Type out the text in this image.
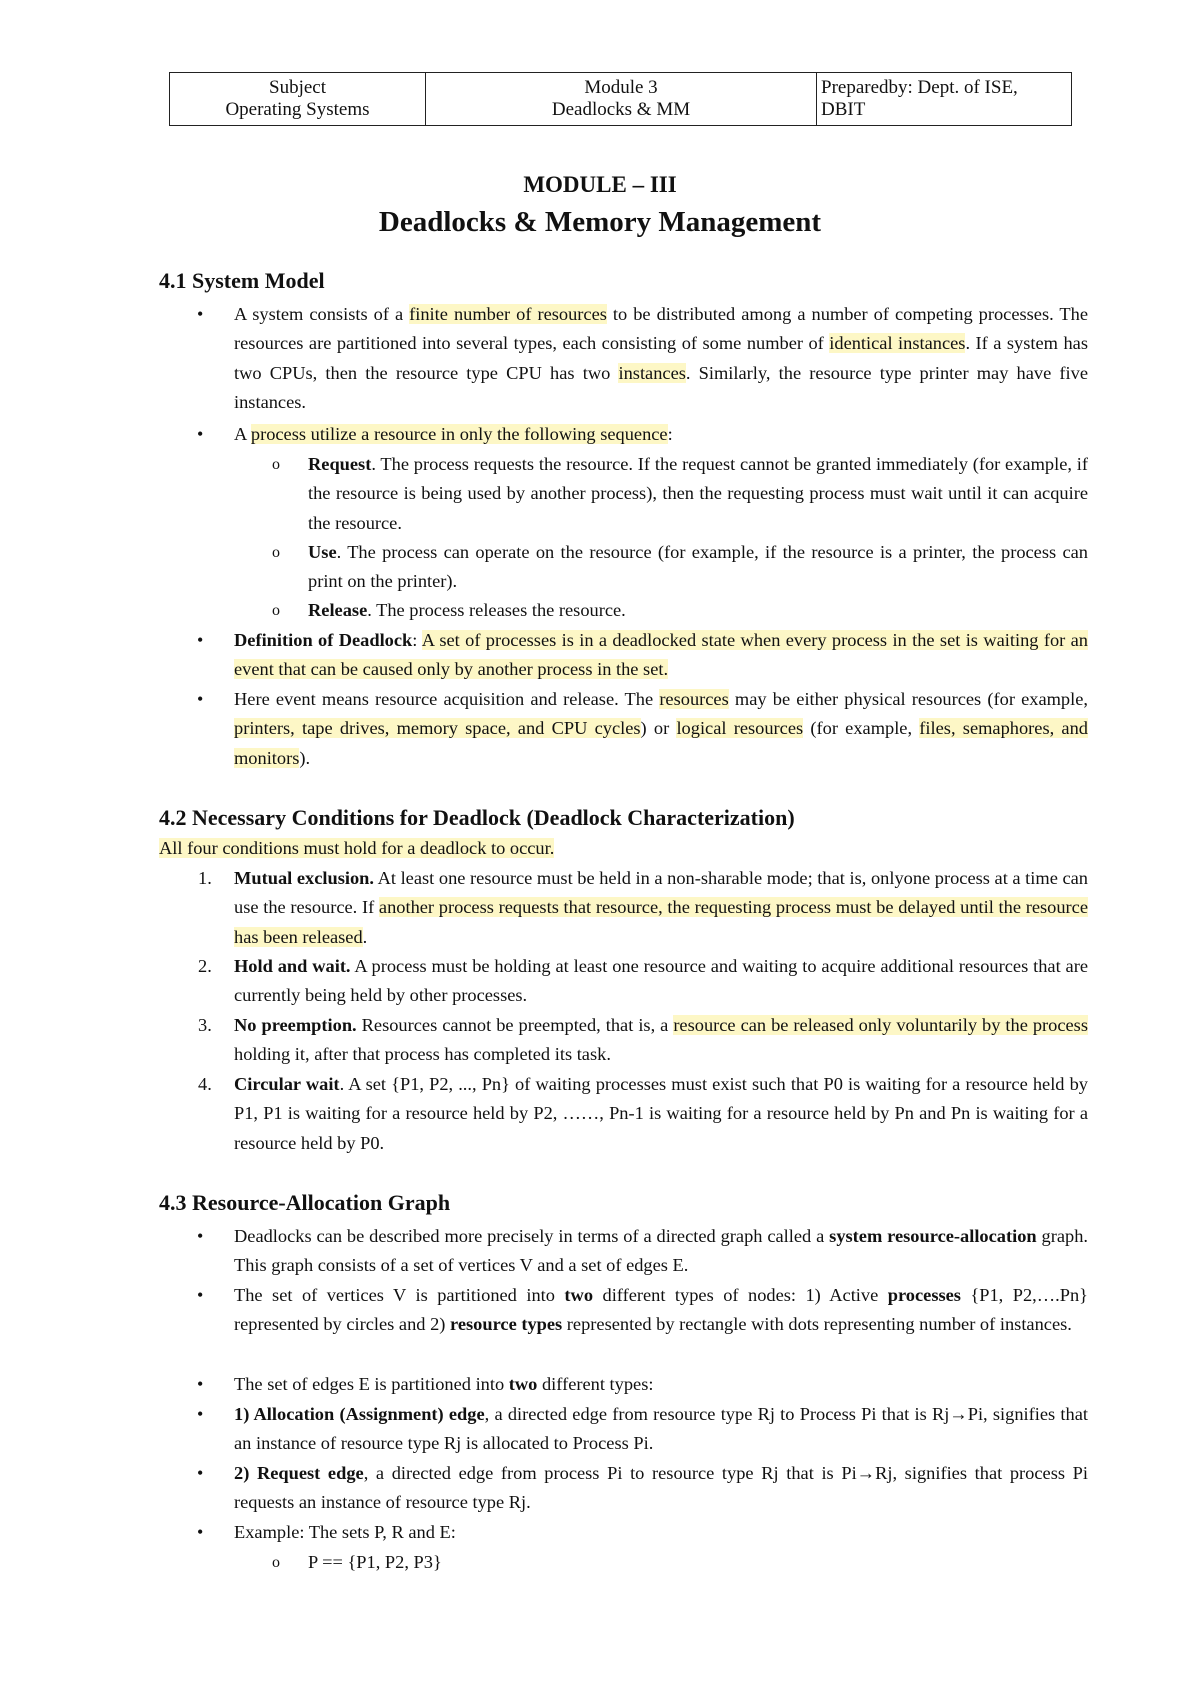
Subject
Operating Systems

Module 3
Deadlocks & MM

Preparedby: Dept. of ISE,
DBIT
MODULE – III
Deadlocks & Memory Management
4.1 System Model
•
A system consists of a finite number of resources to be distributed among a number of competing processes. The resources are partitioned into several types, each consisting of some number of identical instances. If a system has two CPUs, then the resource type CPU has two instances. Similarly, the resource type printer may have five instances.
•
A process utilize a resource in only the following sequence:
o Request. The process requests the resource. If the request cannot be granted immediately (for example, if the resource is being used by another process), then the requesting process must wait until it can acquire the resource.
o Use. The process can operate on the resource (for example, if the resource is a printer, the process can print on the printer).
o Release. The process releases the resource.
•
Definition of Deadlock: A set of processes is in a deadlocked state when every process in the set is waiting for an event that can be caused only by another process in the set.
•
Here event means resource acquisition and release. The resources may be either physical resources (for example, printers, tape drives, memory space, and CPU cycles) or logical resources (for example, files, semaphores, and monitors).
4.2 Necessary Conditions for Deadlock (Deadlock Characterization)
All four conditions must hold for a deadlock to occur.
1. Mutual exclusion. At least one resource must be held in a non-sharable mode; that is, onlyone process at a time can use the resource. If another process requests that resource, the requesting process must be delayed until the resource has been released.
2. Hold and wait. A process must be holding at least one resource and waiting to acquire additional resources that are currently being held by other processes.
3. No preemption. Resources cannot be preempted, that is, a resource can be released only voluntarily by the process holding it, after that process has completed its task.
4. Circular wait. A set {P1, P2, ..., Pn} of waiting processes must exist such that P0 is waiting for a resource held by P1, P1 is waiting for a resource held by P2, ……, Pn-1 is waiting for a resource held by Pn and Pn is waiting for a resource held by P0.
4.3 Resource-Allocation Graph
•
Deadlocks can be described more precisely in terms of a directed graph called a system resource-allocation graph. This graph consists of a set of vertices V and a set of edges E.
•
The set of vertices V is partitioned into two different types of nodes: 1) Active processes {P1, P2,….Pn} represented by circles and 2) resource types represented by rectangle with dots representing number of instances.
•
The set of edges E is partitioned into two different types:
•
1) Allocation (Assignment) edge, a directed edge from resource type Rj to Process Pi that is Rj→Pi, signifies that an instance of resource type Rj is allocated to Process Pi.
•
2) Request edge, a directed edge from process Pi to resource type Rj that is Pi→Rj, signifies that process Pi requests an instance of resource type Rj.
•
Example: The sets P, R and E:
o P == {P1, P2, P3}
